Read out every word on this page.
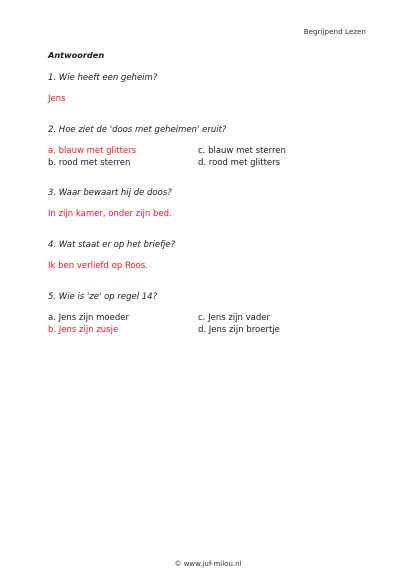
Begrijpend Lezen
Antwoorden
1. Wie heeft een geheim?
Jens
2. Hoe ziet de 'doos met geheimen' eruit?
a. blauw met glitters	c. blauw met sterren
b. rood met sterren	d. rood met glitters
3. Waar bewaart hij de doos?
In zijn kamer, onder zijn bed.
4. Wat staat er op het briefje?
Ik ben verliefd op Roos.
5. Wie is 'ze' op regel 14?
a. Jens zijn moeder	c. Jens zijn vader
b. Jens zijn zusje	d. Jens zijn broertje
© www.juf-milou.nl
